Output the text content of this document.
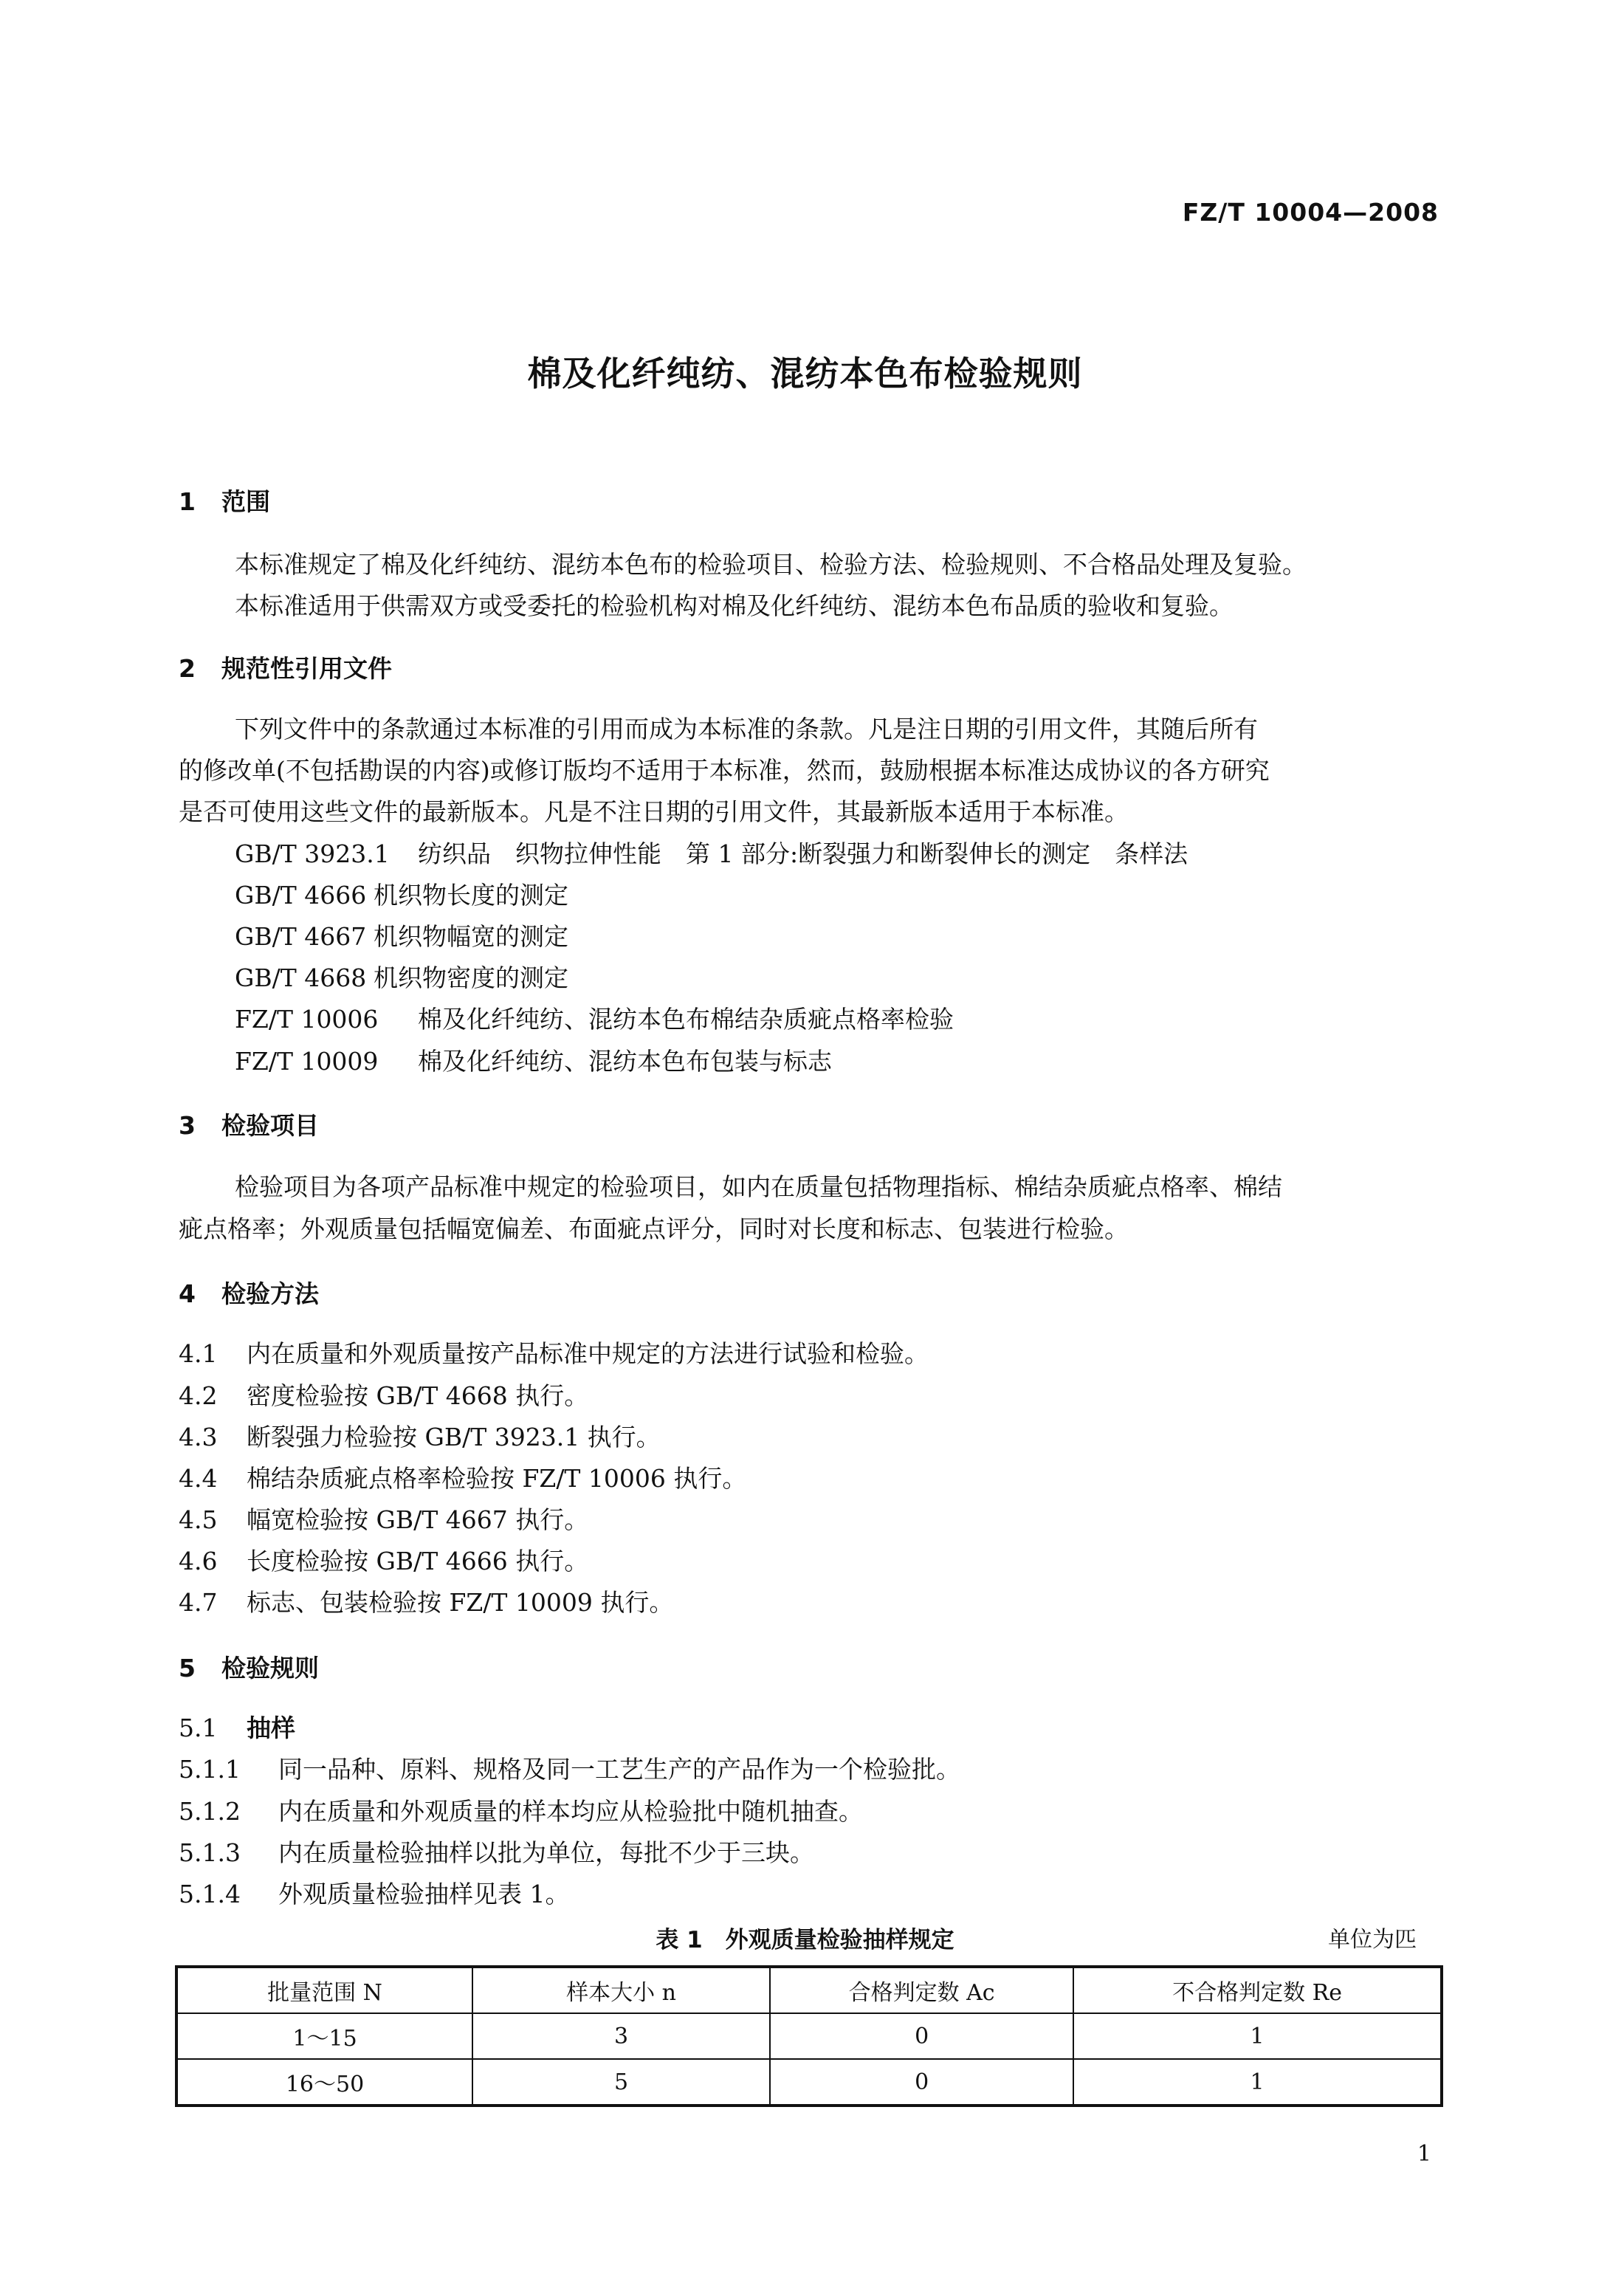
FZ/T 10004—2008
棉及化纤纯纺、混纺本色布检验规则
1 范围
本标准规定了棉及化纤纯纺、混纺本色布的检验项目、检验方法、检验规则、不合格品处理及复验。
本标准适用于供需双方或受委托的检验机构对棉及化纤纯纺、混纺本色布品质的验收和复验。
2 规范性引用文件
下列文件中的条款通过本标准的引用而成为本标准的条款。凡是注日期的引用文件，其随后所有
的修改单(不包括勘误的内容)或修订版均不适用于本标准，然而，鼓励根据本标准达成协议的各方研究
是否可使用这些文件的最新版本。凡是不注日期的引用文件，其最新版本适用于本标准。
GB/T 3923.1 纺织品　织物拉伸性能　第 1 部分:断裂强力和断裂伸长的测定　条样法
GB/T 4666 机织物长度的测定
GB/T 4667 机织物幅宽的测定
GB/T 4668 机织物密度的测定
FZ/T 10006 棉及化纤纯纺、混纺本色布棉结杂质疵点格率检验
FZ/T 10009 棉及化纤纯纺、混纺本色布包装与标志
3 检验项目
检验项目为各项产品标准中规定的检验项目，如内在质量包括物理指标、棉结杂质疵点格率、棉结
疵点格率；外观质量包括幅宽偏差、布面疵点评分，同时对长度和标志、包装进行检验。
4 检验方法
4.1 内在质量和外观质量按产品标准中规定的方法进行试验和检验。
4.2 密度检验按 GB/T 4668 执行。
4.3 断裂强力检验按 GB/T 3923.1 执行。
4.4 棉结杂质疵点格率检验按 FZ/T 10006 执行。
4.5 幅宽检验按 GB/T 4667 执行。
4.6 长度检验按 GB/T 4666 执行。
4.7 标志、包装检验按 FZ/T 10009 执行。
5 检验规则
5.1 抽样
5.1.1 同一品种、原料、规格及同一工艺生产的产品作为一个检验批。
5.1.2 内在质量和外观质量的样本均应从检验批中随机抽查。
5.1.3 内在质量检验抽样以批为单位，每批不少于三块。
5.1.4 外观质量检验抽样见表 1。
表 1　外观质量检验抽样规定	单位为匹
批量范围 N	样本大小 n	合格判定数 Ac	不合格判定数 Re
1～15	3	0	1
16～50	5	0	1
1
